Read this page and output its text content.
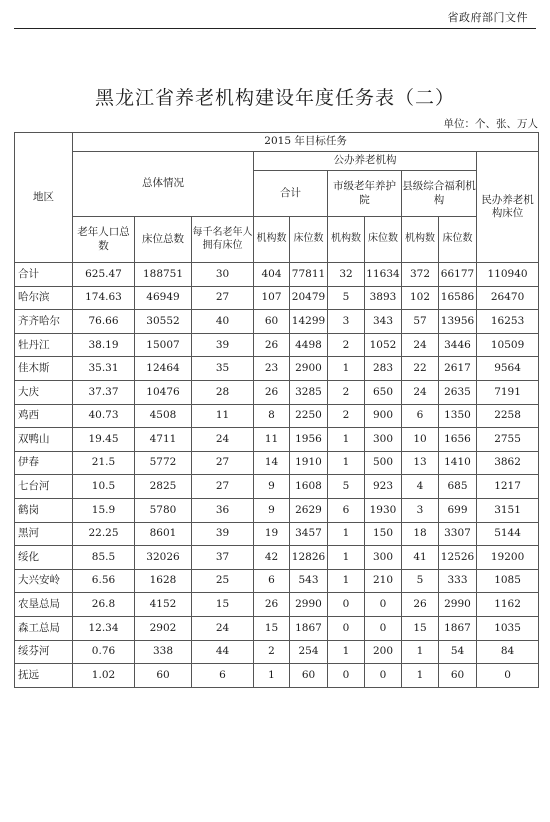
省政府部门文件
黑龙江省养老机构建设年度任务表（二）
单位：个、张、万人
地区	2015 年目标任务									
	总体情况			公办养老机构						民办养老机构床位
				合计		市级老年养护院		县级综合福利机构		
	老年人口总数	床位总数	每千名老年人拥有床位	机构数	床位数	机构数	床位数	机构数	床位数	
合计	625.47	188751	30	404	77811	32	11634	372	66177	110940
哈尔滨	174.63	46949	27	107	20479	5	3893	102	16586	26470
齐齐哈尔	76.66	30552	40	60	14299	3	343	57	13956	16253
牡丹江	38.19	15007	39	26	4498	2	1052	24	3446	10509
佳木斯	35.31	12464	35	23	2900	1	283	22	2617	9564
大庆	37.37	10476	28	26	3285	2	650	24	2635	7191
鸡西	40.73	4508	11	8	2250	2	900	6	1350	2258
双鸭山	19.45	4711	24	11	1956	1	300	10	1656	2755
伊春	21.5	5772	27	14	1910	1	500	13	1410	3862
七台河	10.5	2825	27	9	1608	5	923	4	685	1217
鹤岗	15.9	5780	36	9	2629	6	1930	3	699	3151
黑河	22.25	8601	39	19	3457	1	150	18	3307	5144
绥化	85.5	32026	37	42	12826	1	300	41	12526	19200
大兴安岭	6.56	1628	25	6	543	1	210	5	333	1085
农垦总局	26.8	4152	15	26	2990	0	0	26	2990	1162
森工总局	12.34	2902	24	15	1867	0	0	15	1867	1035
绥芬河	0.76	338	44	2	254	1	200	1	54	84
抚远	1.02	60	6	1	60	0	0	1	60	0
